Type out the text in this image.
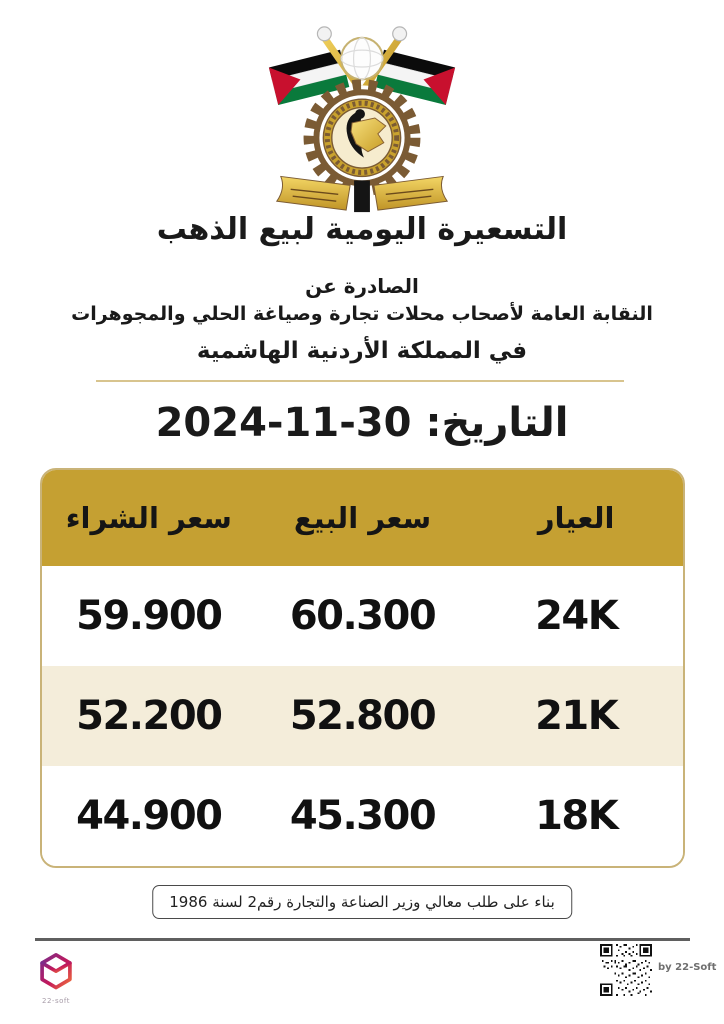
التسعيرة اليومية لبيع الذهب
الصادرة عن
النقابة العامة لأصحاب محلات تجارة وصياغة الحلي والمجوهرات
في المملكة الأردنية الهاشمية
التاريخ:30-11-2024
العيار
سعر البيع
سعر الشراء
24K
60.300
59.900
21K
52.800
52.200
18K
45.300
44.900
بناء على طلب معالي وزير الصناعة والتجارة رقم2 لسنة 1986
22-soft
by 22-Soft
